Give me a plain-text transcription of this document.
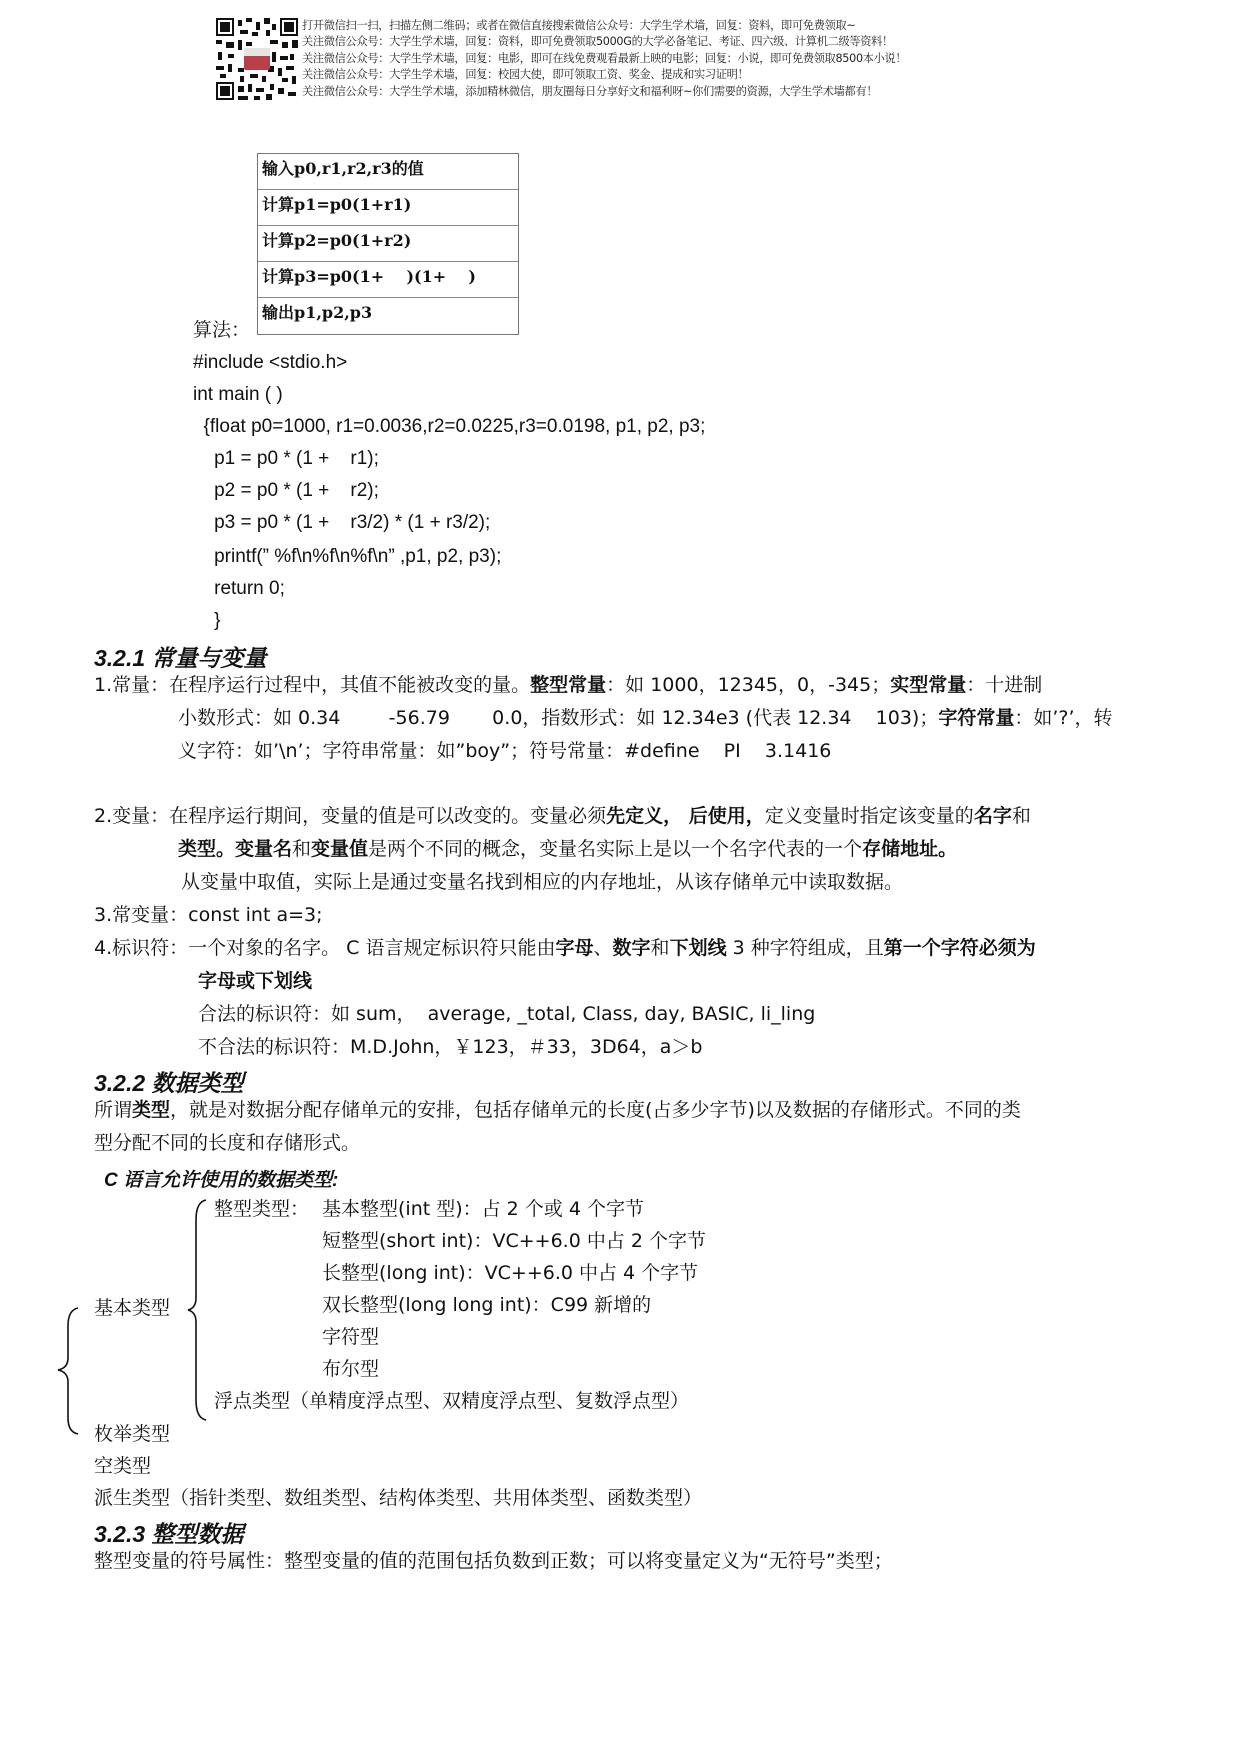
打开微信扫一扫，扫描左侧二维码；或者在微信直接搜索微信公众号：大学生学术墙，回复：资料，即可免费领取~
关注微信公众号：大学生学术墙，回复：资料，即可免费领取5000G的大学必备笔记、考证、四六级、计算机二级等资料！
关注微信公众号：大学生学术墙，回复：电影，即可在线免费观看最新上映的电影；回复：小说，即可免费领取8500本小说！
关注微信公众号：大学生学术墙，回复：校园大使，即可领取工资、奖金、提成和实习证明！
关注微信公众号：大学生学术墙，添加精林微信，朋友圈每日分享好文和福利呀~你们需要的资源，大学生学术墙都有！
输入p0,r1,r2,r3的值
计算p1=p0(1+r1)
计算p2=p0(1+r2)
计算p3=p0(1+    )(1+    )
输出p1,p2,p3
算法：
#include <stdio.h>
int main ( )
{float p0=1000, r1=0.0036,r2=0.0225,r3=0.0198, p1, p2, p3;
p1 = p0 * (1 +    r1);
p2 = p0 * (1 +    r2);
p3 = p0 * (1 +    r3/2) * (1 + r3/2);
printf(” %f\n%f\n%f\n” ,p1, p2, p3);
return 0;
}
3.2.1 常量与变量
1.常量：在程序运行过程中，其值不能被改变的量。整型常量：如 1000，12345，0，-345；实型常量：十进制
小数形式：如 0.34        -56.79       0.0，指数形式：如 12.34e3 (代表 12.34    103)；字符常量：如’?’，转
义字符：如’\n’；字符串常量：如”boy”；符号常量：#define    PI    3.1416
2.变量：在程序运行期间，变量的值是可以改变的。变量必须先定义， 后使用，定义变量时指定该变量的名字和
类型。变量名和变量值是两个不同的概念，变量名实际上是以一个名字代表的一个存储地址。
从变量中取值，实际上是通过变量名找到相应的内存地址，从该存储单元中读取数据。
3.常变量：const int a=3;
4.标识符：一个对象的名字。 C 语言规定标识符只能由字母、数字和下划线 3 种字符组成，且第一个字符必须为
字母或下划线
合法的标识符：如 sum，  average, _total, Class, day, BASIC, li_ling
不合法的标识符：M.D.John，￥123，＃33，3D64，a＞b
3.2.2 数据类型
所谓类型，就是对数据分配存储单元的安排，包括存储单元的长度(占多少字节)以及数据的存储形式。不同的类
型分配不同的长度和存储形式。
C 语言允许使用的数据类型:
基本类型
整型类型： 基本整型(int 型)：占 2 个或 4 个字节
短整型(short int)：VC++6.0 中占 2 个字节
长整型(long int)：VC++6.0 中占 4 个字节
双长整型(long long int)：C99 新增的
字符型
布尔型
浮点类型（单精度浮点型、双精度浮点型、复数浮点型）
枚举类型
空类型
派生类型（指针类型、数组类型、结构体类型、共用体类型、函数类型）
3.2.3 整型数据
整型变量的符号属性：整型变量的值的范围包括负数到正数；可以将变量定义为“无符号”类型；
